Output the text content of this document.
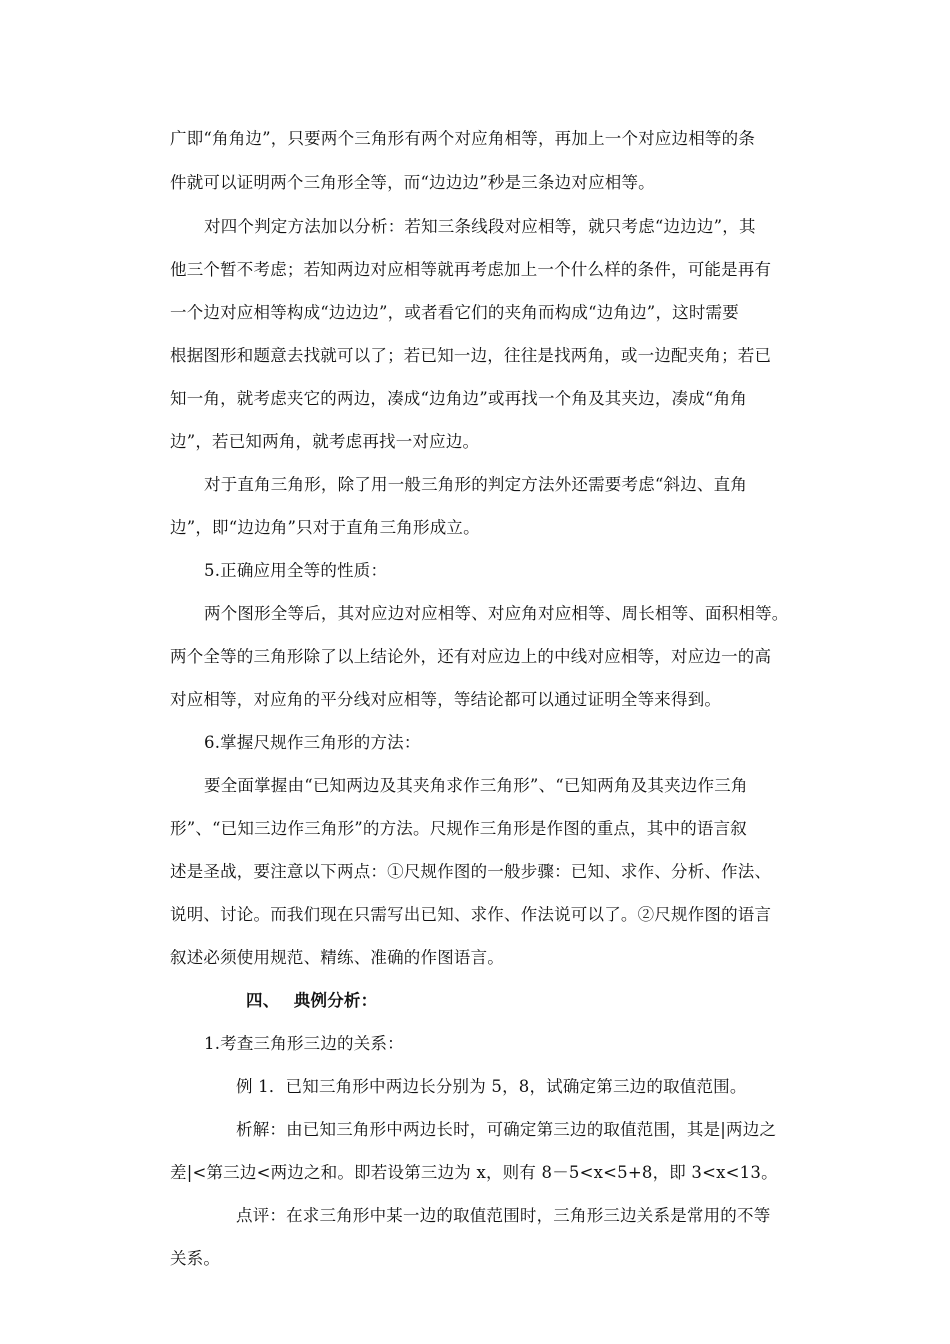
广即“角角边”，只要两个三角形有两个对应角相等，再加上一个对应边相等的条
件就可以证明两个三角形全等，而“边边边”秒是三条边对应相等。
对四个判定方法加以分析：若知三条线段对应相等，就只考虑“边边边”，其
他三个暂不考虑；若知两边对应相等就再考虑加上一个什么样的条件，可能是再有
一个边对应相等构成“边边边”，或者看它们的夹角而构成“边角边”，这时需要
根据图形和题意去找就可以了；若已知一边，往往是找两角，或一边配夹角；若已
知一角，就考虑夹它的两边，凑成“边角边”或再找一个角及其夹边，凑成“角角
边”，若已知两角，就考虑再找一对应边。
对于直角三角形，除了用一般三角形的判定方法外还需要考虑“斜边、直角
边”，即“边边角”只对于直角三角形成立。
5.正确应用全等的性质：
两个图形全等后，其对应边对应相等、对应角对应相等、周长相等、面积相等。
两个全等的三角形除了以上结论外，还有对应边上的中线对应相等，对应边一的高
对应相等，对应角的平分线对应相等，等结论都可以通过证明全等来得到。
6.掌握尺规作三角形的方法：
要全面掌握由“已知两边及其夹角求作三角形”、“已知两角及其夹边作三角
形”、“已知三边作三角形”的方法。尺规作三角形是作图的重点，其中的语言叙
述是圣战，要注意以下两点：①尺规作图的一般步骤：已知、求作、分析、作法、
说明、讨论。而我们现在只需写出已知、求作、作法说可以了。②尺规作图的语言
叙述必须使用规范、精练、准确的作图语言。
四、　 典例分析：
1.考查三角形三边的关系：
例 1．已知三角形中两边长分别为 5，8，试确定第三边的取值范围。
析解：由已知三角形中两边长时，可确定第三边的取值范围，其是|两边之
差|<第三边<两边之和。即若设第三边为 x，则有 8－5<x<5+8，即 3<x<13。
点评：在求三角形中某一边的取值范围时，三角形三边关系是常用的不等
关系。
